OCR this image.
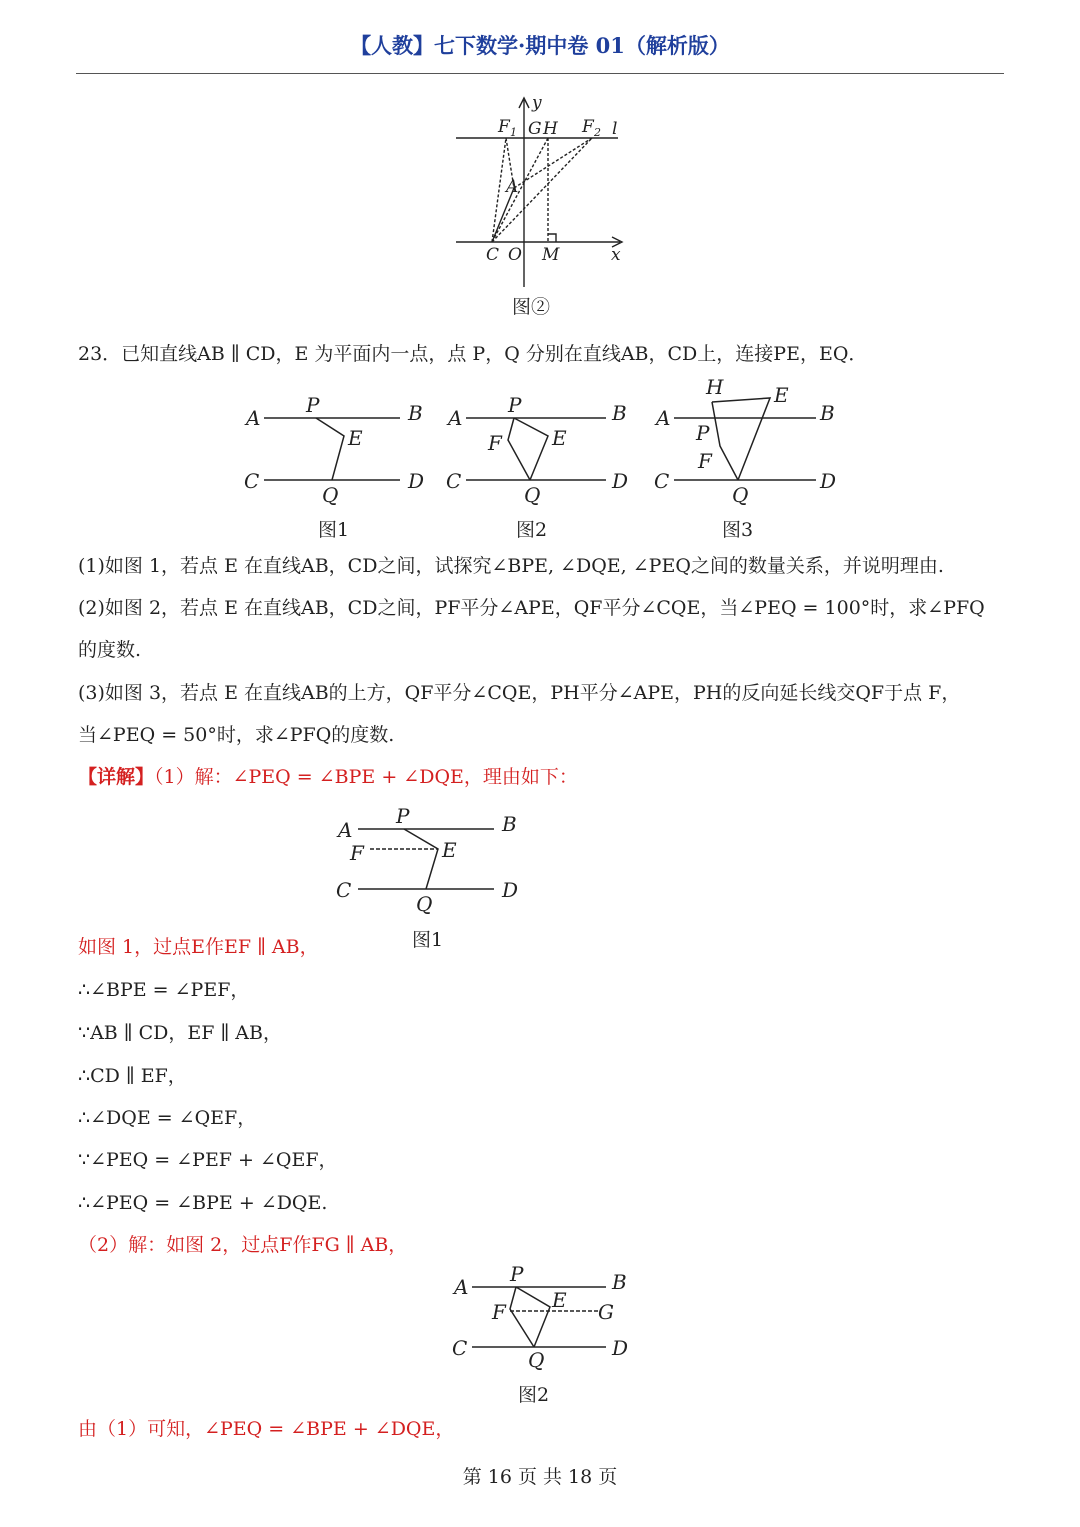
【人教】七下数学·期中卷 01（解析版）
y
F 1 G H F 2 l
A
C O M	x
图②
23．已知直线AB ∥ CD，E 为平面内一点，点 P，Q 分别在直线AB，CD上，连接PE，EQ．
A	B
C	D
P
E
Q
A	B
C	D
P
E
F
Q
A	B
C	D
H	E
P
F
Q
图1	图2	图3
(1)如图 1，若点 E 在直线AB，CD之间，试探究∠BPE, ∠DQE, ∠PEQ之间的数量关系，并说明理由.
(2)如图 2，若点 E 在直线AB，CD之间，PF平分∠APE，QF平分∠CQE，当∠PEQ = 100°时，求∠PFQ
的度数.
(3)如图 3，若点 E 在直线AB的上方，QF平分∠CQE，PH平分∠APE，PH的反向延长线交QF于点 F，
当∠PEQ = 50°时，求∠PFQ的度数.
【详解】（1）解：∠PEQ = ∠BPE + ∠DQE，理由如下：
A	B
F	E
P
C	D
Q
图1
如图 1，过点E作EF ∥ AB，
∴∠BPE = ∠PEF，
∵AB ∥ CD，EF ∥ AB，
∴CD ∥ EF，
∴∠DQE = ∠QEF，
∵∠PEQ = ∠PEF + ∠QEF，
∴∠PEQ = ∠BPE + ∠DQE.
（2）解：如图 2，过点F作FG ∥ AB，
A	B
P
F E G
C	D
Q
图2
由（1）可知，∠PEQ = ∠BPE + ∠DQE，
第 16 页 共 18 页
